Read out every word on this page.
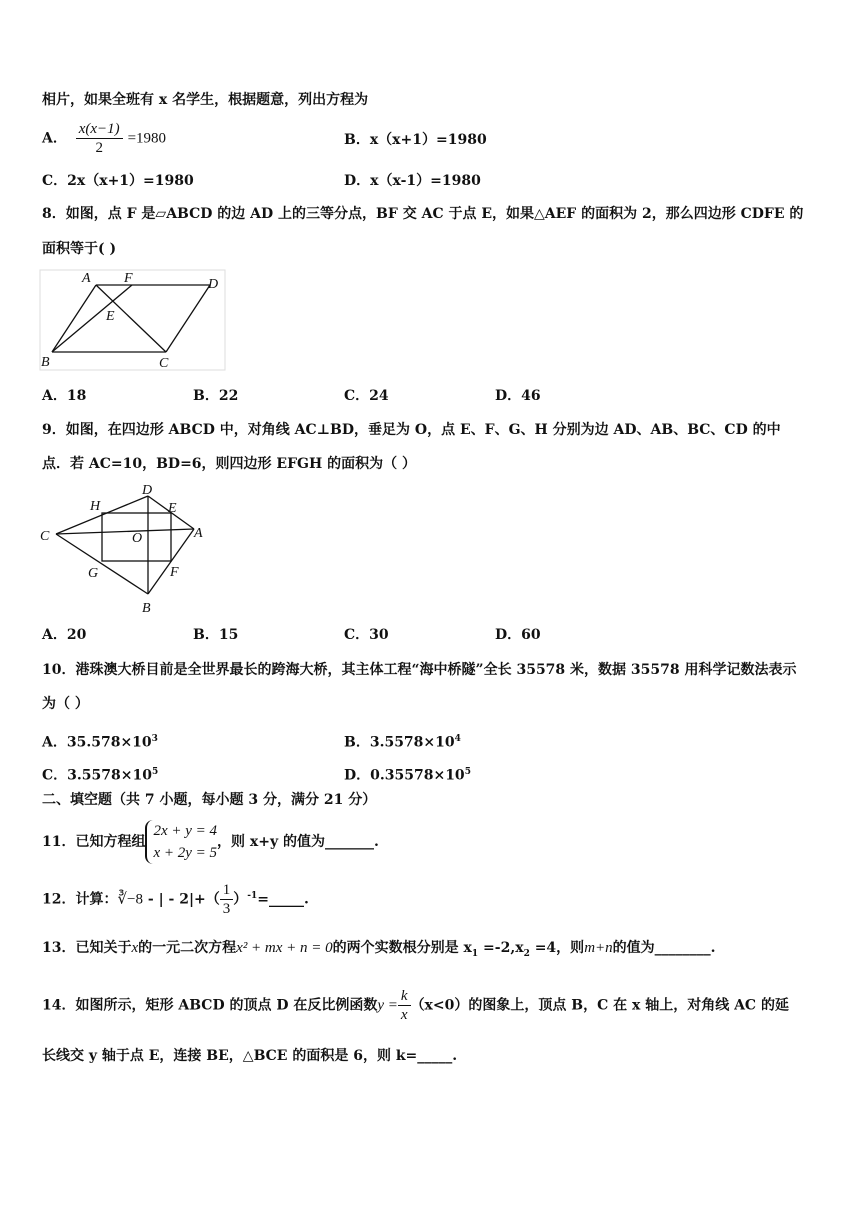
相片，如果全班有 x 名学生，根据题意，列出方程为
A． $\frac{x(x-1)}{2} =1980$	B．x（x+1）=1980
C．2x（x+1）=1980	D．x（x-1）=1980
8．如图，点 F 是▱ABCD 的边 AD 上的三等分点，BF 交 AC 于点 E，如果△AEF 的面积为 2，那么四边形 CDFE 的
面积等于( )
A F	D
E
B	C
A．18	B．22	C．24	D．46
9．如图，在四边形 ABCD 中，对角线 AC⊥BD，垂足为 O，点 E、F、G、H 分别为边 AD、AB、BC、CD 的中
点．若 AC=10，BD=6，则四边形 EFGH 的面积为（ ）
H
D
E
C	O	A
G	F
B
A．20	B．15	C．30	D．60
10．港珠澳大桥目前是全世界最长的跨海大桥，其主体工程“海中桥隧”全长 35578 米，数据 35578 用科学记数法表示
为（ ）
A．$35.578\times 10^3$	B．$3.5578\times 10^4$
C．$3.5578\times 10^5$	D．$0.35578\times 10^5$
二、填空题（共 7 小题，每小题 3 分，满分 21 分）
11．已知方程组
2x + y = 4
x + 2y = 5
，则 x+y 的值为_______.
12．计算：∛−8 - | - $2|+( \frac{1}{3}$ ）$^{-1}=\_\_\_\_\_$.
13．已知关于x的一元二次方程x² + mx + n = 0的两个实数根分别是 $x_1 =-2,x_2 =4$，则m+n的值为________.
14．如图所示，矩形 ABCD 的顶点 D 在反比例函数$y = \frac{k}{x} (x<0)$的图象上，顶点 B，C 在 x 轴上，对角线 AC 的延
长线交 y 轴于点 E，连接 BE，△BCE 的面积是 6，则 k=_____.
